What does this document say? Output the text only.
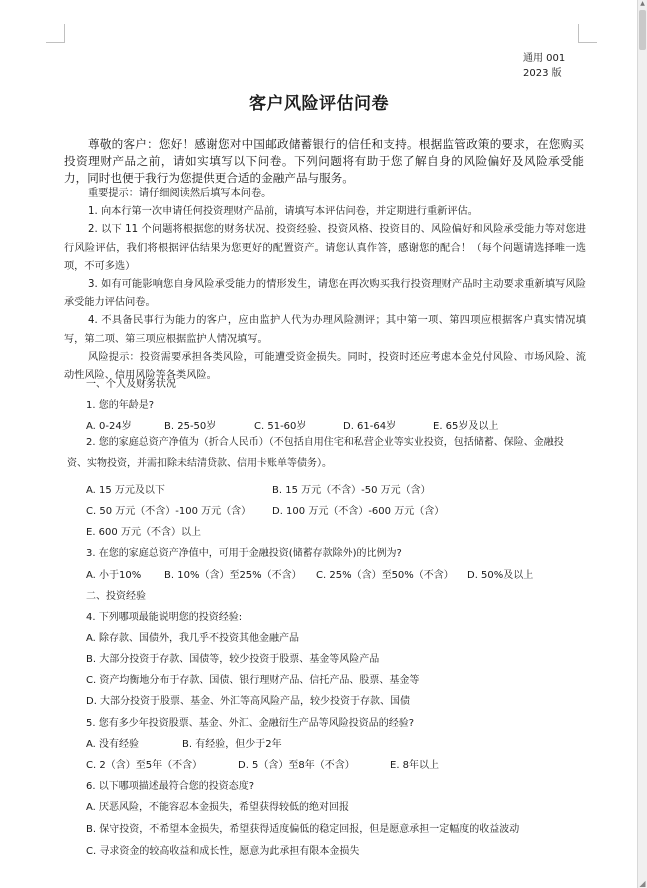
通用 001
2023 版
客户风险评估问卷
尊敬的客户：您好！感谢您对中国邮政储蓄银行的信任和支持。根据监管政策的要求，在您购买投资理财产品之前，请如实填写以下问卷。下列问题将有助于您了解自身的风险偏好及风险承受能力，同时也便于我行为您提供更合适的金融产品与服务。

重要提示：请仔细阅读然后填写本问卷。

1. 向本行第一次申请任何投资理财产品前，请填写本评估问卷，并定期进行重新评估。

2. 以下 11 个问题将根据您的财务状况、投资经验、投资风格、投资目的、风险偏好和风险承受能力等对您进行风险评估，我们将根据评估结果为您更好的配置资产。请您认真作答，感谢您的配合！（每个问题请选择唯一选项，不可多选）

3. 如有可能影响您自身风险承受能力的情形发生，请您在再次购买我行投资理财产品时主动要求重新填写风险承受能力评估问卷。

4. 不具备民事行为能力的客户，应由监护人代为办理风险测评；其中第一项、第四项应根据客户真实情况填写，第二项、第三项应根据监护人情况填写。

风险提示：投资需要承担各类风险，可能遭受资金损失。同时，投资时还应考虑本金兑付风险、市场风险、流动性风险、信用风险等各类风险。

一、个人及财务状况
1. 您的年龄是?
A. 0-24岁	B. 25-50岁	C. 51-60岁	D. 61-64岁	E. 65岁及以上
2. 您的家庭总资产净值为（折合人民币）（不包括自用住宅和私营企业等实业投资，包括储蓄、保险、金融投资、实物投资，并需扣除未结清贷款、信用卡账单等债务）。
A. 15 万元及以下	B. 15 万元（不含）-50 万元（含）
C. 50 万元（不含）-100 万元（含） D. 100 万元（不含）-600 万元（含）
E. 600 万元（不含）以上
3. 在您的家庭总资产净值中，可用于金融投资(储蓄存款除外)的比例为?
A. 小于10% B. 10%（含）至25%（不含） C. 25%（含）至50%（不含） D. 50%及以上
二、投资经验
4. 下列哪项最能说明您的投资经验:
A. 除存款、国债外，我几乎不投资其他金融产品
B. 大部分投资于存款、国债等，较少投资于股票、基金等风险产品
C. 资产均衡地分布于存款、国债、银行理财产品、信托产品、股票、基金等
D. 大部分投资于股票、基金、外汇等高风险产品，较少投资于存款、国债
5. 您有多少年投资股票、基金、外汇、金融衍生产品等风险投资品的经验?
A. 没有经验	B. 有经验，但少于2年
C. 2（含）至5年（不含）	D. 5（含）至8年（不含）	E. 8年以上
6. 以下哪项描述最符合您的投资态度?
A. 厌恶风险，不能容忍本金损失，希望获得较低的绝对回报
B. 保守投资，不希望本金损失，希望获得适度偏低的稳定回报，但是愿意承担一定幅度的收益波动
C. 寻求资金的较高收益和成长性，愿意为此承担有限本金损失
▲
◢
